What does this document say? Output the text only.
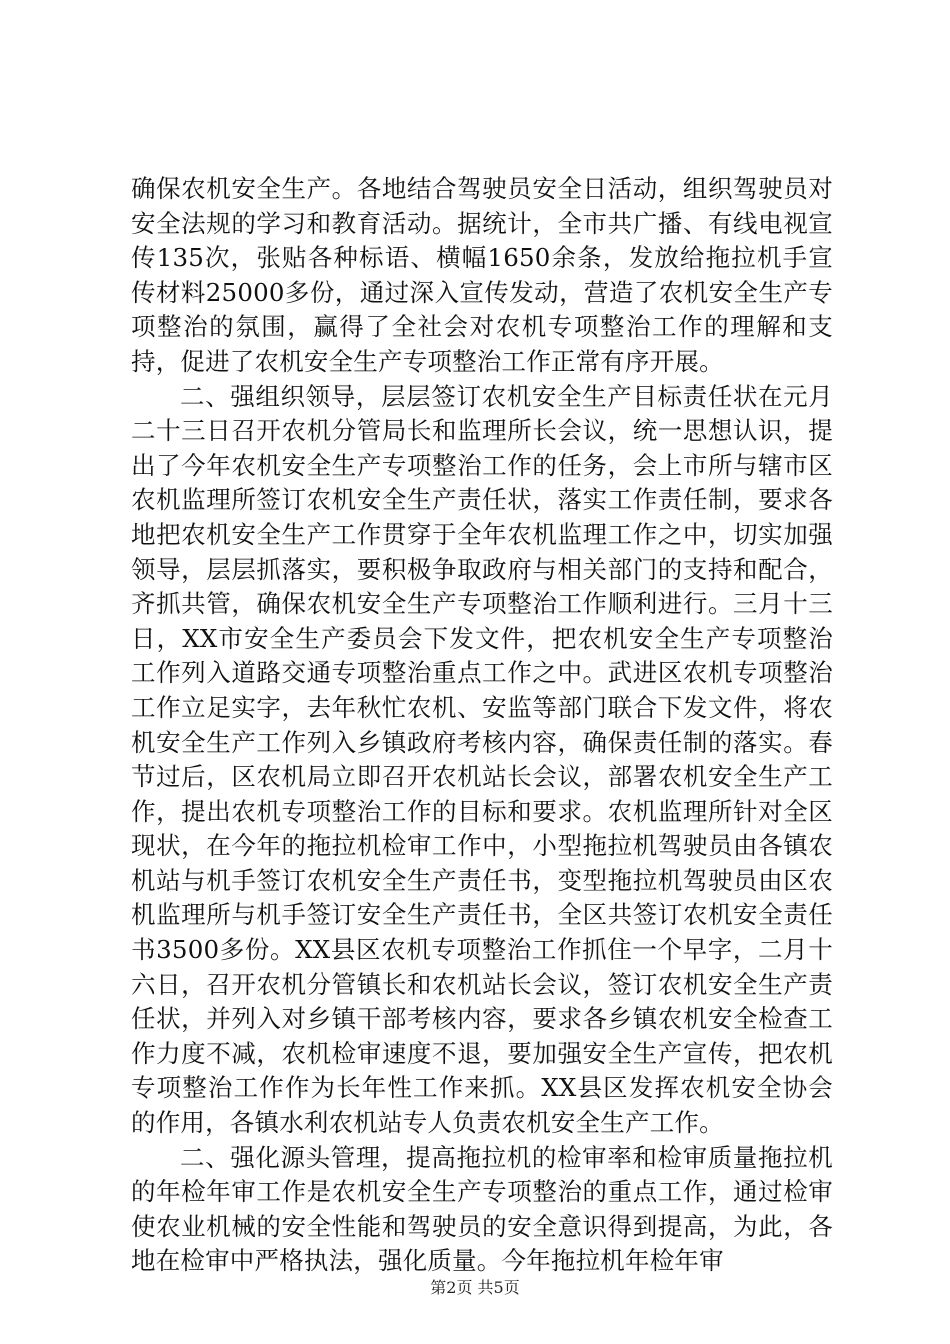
确保农机安全生产。各地结合驾驶员安全日活动，组织驾驶员对安全法规的学习和教育活动。据统计，全市共广播、有线电视宣传135次，张贴各种标语、横幅1650余条，发放给拖拉机手宣传材料25000多份，通过深入宣传发动，营造了农机安全生产专项整治的氛围，赢得了全社会对农机专项整治工作的理解和支持，促进了农机安全生产专项整治工作正常有序开展。

二、强组织领导，层层签订农机安全生产目标责任状在元月二十三日召开农机分管局长和监理所长会议，统一思想认识，提出了今年农机安全生产专项整治工作的任务，会上市所与辖市区农机监理所签订农机安全生产责任状，落实工作责任制，要求各地把农机安全生产工作贯穿于全年农机监理工作之中，切实加强领导，层层抓落实，要积极争取政府与相关部门的支持和配合，齐抓共管，确保农机安全生产专项整治工作顺利进行。三月十三日，XX市安全生产委员会下发文件，把农机安全生产专项整治工作列入道路交通专项整治重点工作之中。武进区农机专项整治工作立足实字，去年秋忙农机、安监等部门联合下发文件，将农机安全生产工作列入乡镇政府考核内容，确保责任制的落实。春节过后，区农机局立即召开农机站长会议，部署农机安全生产工作，提出农机专项整治工作的目标和要求。农机监理所针对全区现状，在今年的拖拉机检审工作中，小型拖拉机驾驶员由各镇农机站与机手签订农机安全生产责任书，变型拖拉机驾驶员由区农机监理所与机手签订安全生产责任书，全区共签订农机安全责任书3500多份。XX县区农机专项整治工作抓住一个早字，二月十六日，召开农机分管镇长和农机站长会议，签订农机安全生产责任状，并列入对乡镇干部考核内容，要求各乡镇农机安全检查工作力度不减，农机检审速度不退，要加强安全生产宣传，把农机专项整治工作作为长年性工作来抓。XX县区发挥农机安全协会的作用，各镇水利农机站专人负责农机安全生产工作。

二、强化源头管理，提高拖拉机的检审率和检审质量拖拉机的年检年审工作是农机安全生产专项整治的重点工作，通过检审使农业机械的安全性能和驾驶员的安全意识得到提高，为此，各地在检审中严格执法，强化质量。今年拖拉机年检年审

第2页 共5页
